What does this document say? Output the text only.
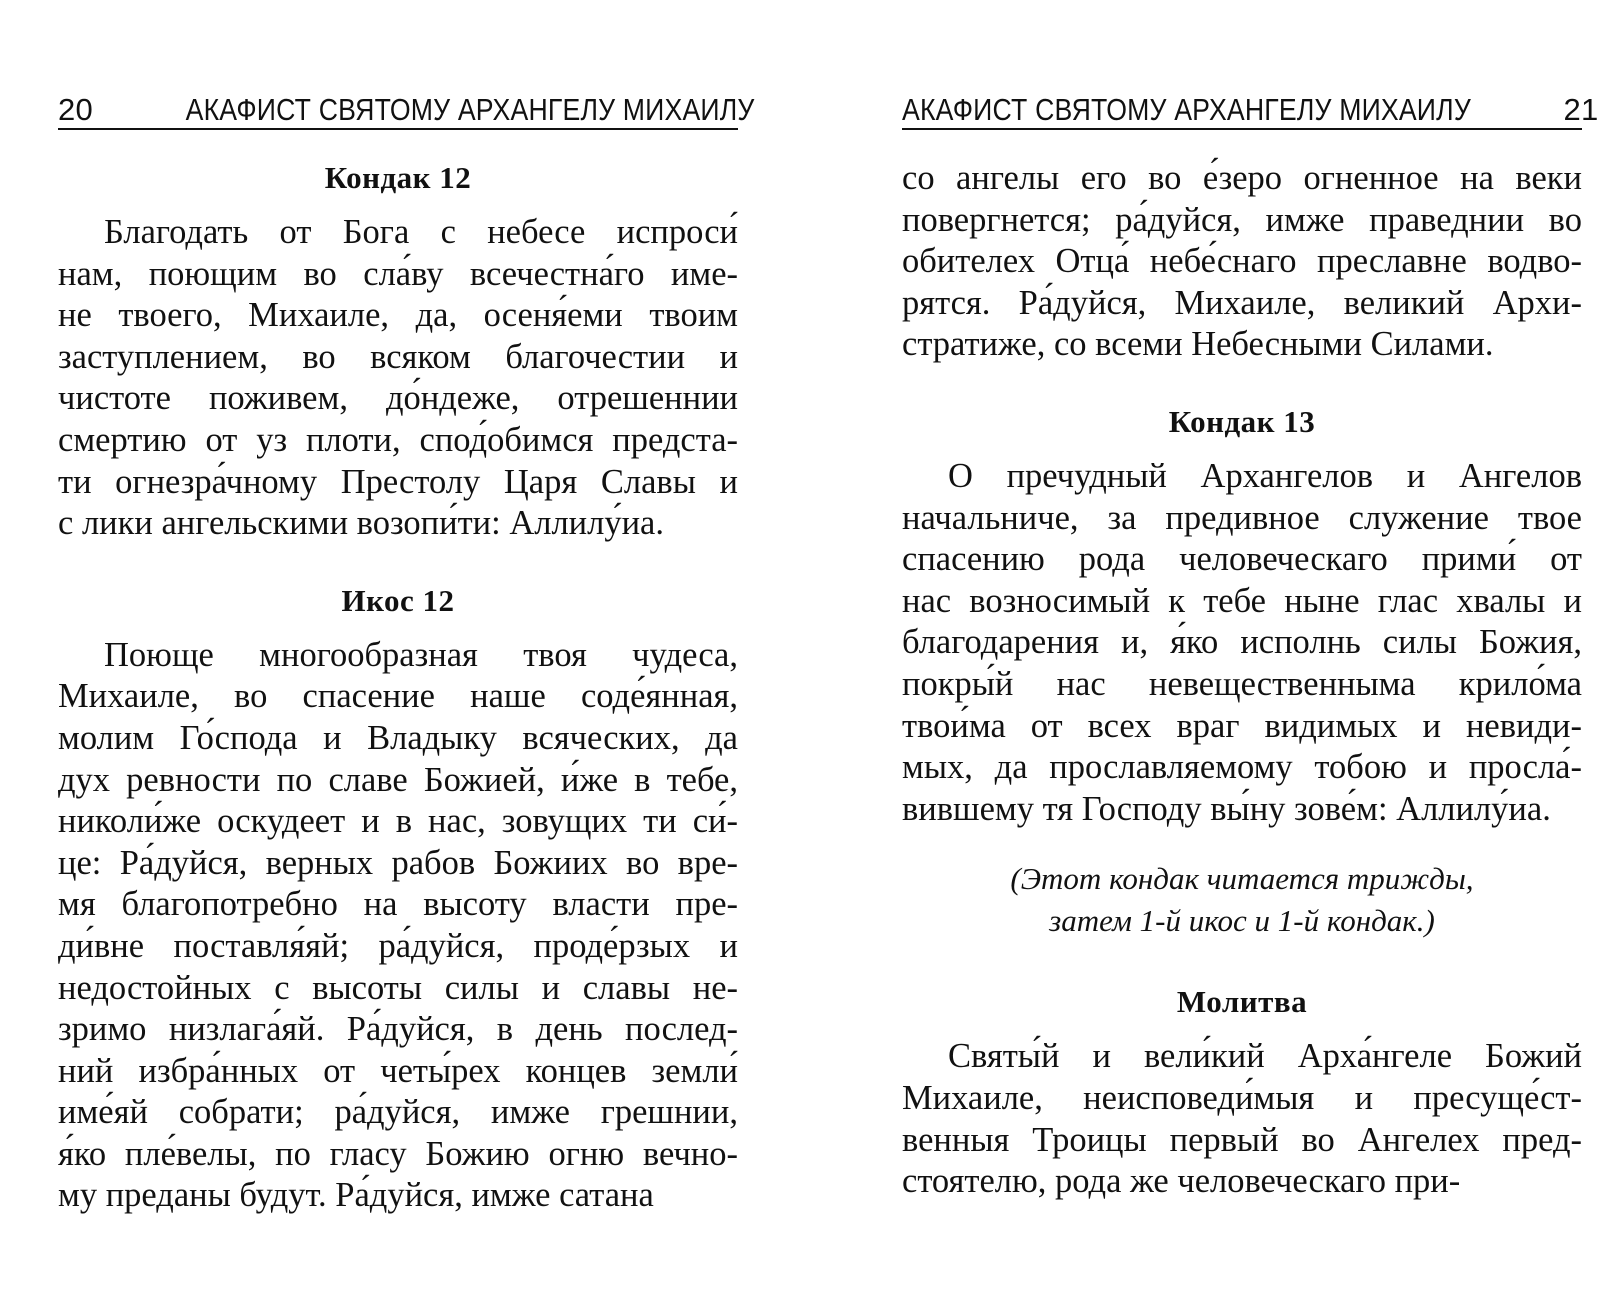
20	АКАФИСТ СВЯТОМУ АРХАНГЕЛУ МИХАИЛУ
Кондак 12
Благодать от Бога с небесе испроси́
нам, поющим во сла́ву всечестна́го име-
не твоего, Михаиле, да, осеня́еми твоим
заступлением, во всяком благочестии и
чистоте поживем, до́ндеже, отрешеннии
смертию от уз плоти, спод́обимся предста-
ти огнезра́чному Престолу Царя Славы и
с лики ангельскими возопи́ти: Аллилу́иа.
Икос 12
Поюще многообразная твоя чудеса,
Михаиле, во спасение наше соде́янная,
молим Го́спода и Владыку всяческих, да
дух ревности по славе Божией, и́же в тебе,
николи́же оскудеет и в нас, зовущих ти си́-
це: Ра́дуйся, верных рабов Божиих во вре-
мя благопотребно на высоту власти пре-
ди́вне поставля́яй; ра́дуйся, проде́рзых и
недостойных с высоты силы и славы не-
зримо низлага́яй. Ра́дуйся, в день послед-
ний избра́нных от четы́рех концев земли́
име́яй собрати; ра́дуйся, имже грешнии,
я́ко пле́велы, по гласу Божию огню вечно-
му преданы будут. Ра́дуйся, имже сатана
АКАФИСТ СВЯТОМУ АРХАНГЕЛУ МИХАИЛУ	21
со ангелы его во е́зеро огненное на веки
повергнется; ра́дуйся, имже праведнии во
обителех Отца́ небе́снаго преславне водво-
рятся. Ра́дуйся, Михаиле, великий Архи-
стратиже, со всеми Небесными Силами.
Кондак 13
О пречудный Архангелов и Ангелов
начальниче, за предивное служение твое
спасению рода человеческаго прими́ от
нас возносимый к тебе ныне глас хвалы и
благодарения и, я́ко исполнь силы Божия,
покры́й нас невещественныма крило́ма
твои́ма от всех враг видимых и невиди-
мых, да прославляемому тобою и просла́-
вившему тя Господу вы́ну зове́м: Аллилу́иа.
(Этот кондак читается трижды,
затем 1-й икос и 1-й кондак.)
Молитва
Святы́й и вели́кий Арха́нгеле Божий
Михаиле, неисповеди́мыя и пресуще́ст-
венныя Троицы первый во Ангелех пред-
стоятелю, рода же человеческаго при-
